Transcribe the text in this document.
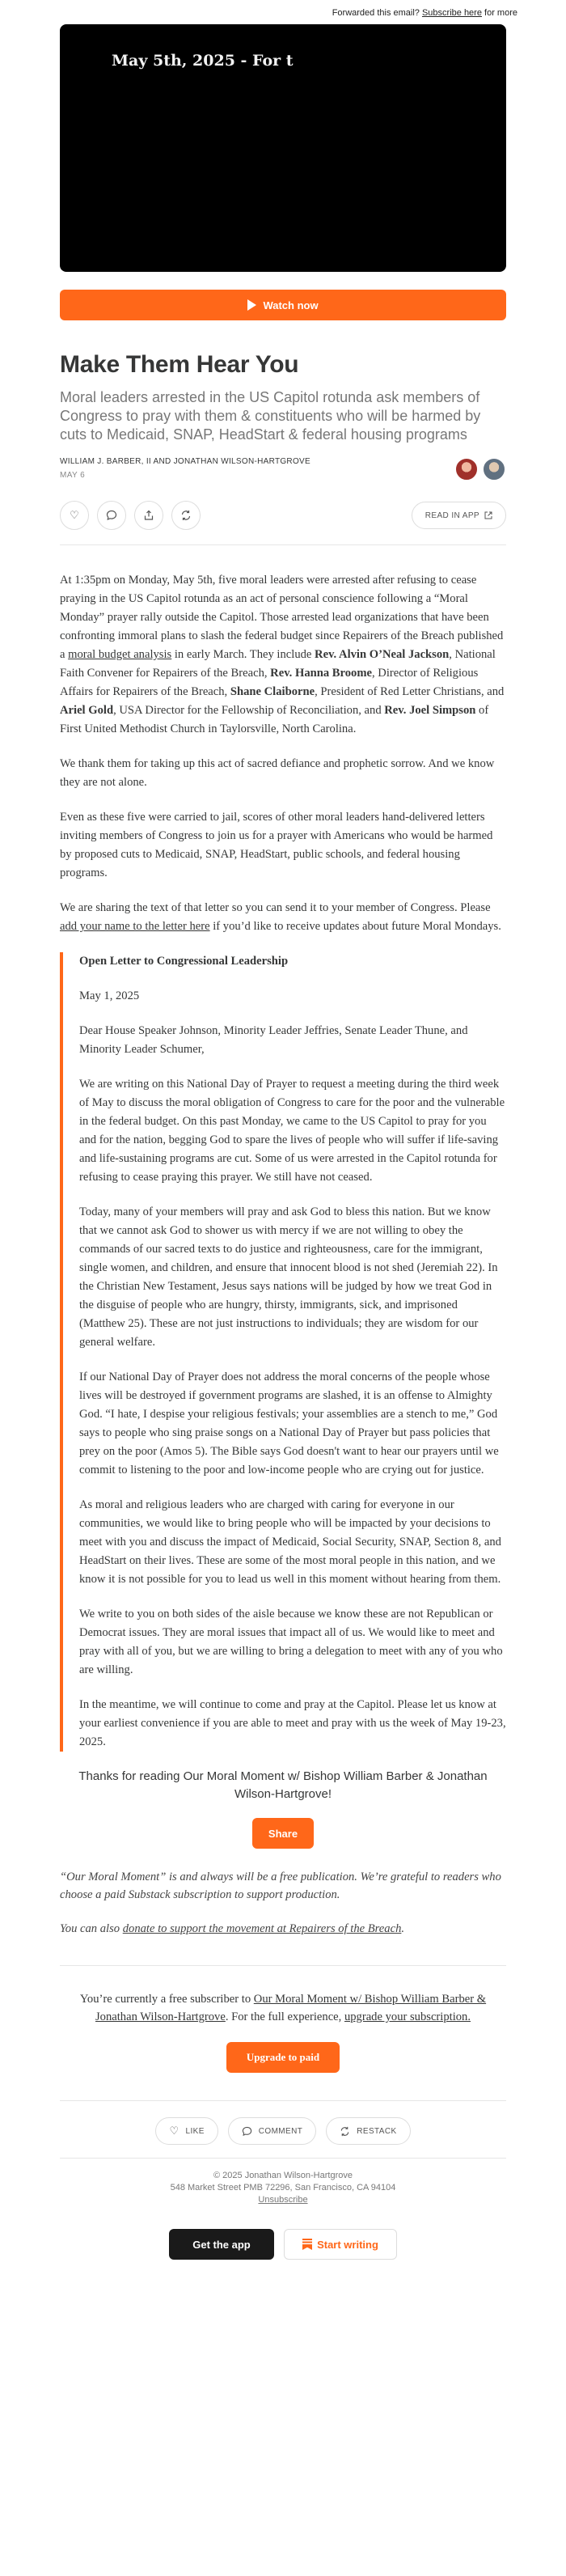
Forwarded this email? Subscribe here for more
May 5th, 2025 - For t
Watch now
Make Them Hear You
Moral leaders arrested in the US Capitol rotunda ask members of Congress to pray with them & constituents who will be harmed by cuts to Medicaid, SNAP, HeadStart & federal housing programs
WILLIAM J. BARBER, II AND JONATHAN WILSON-HARTGROVE
MAY 6
♡	READ IN APP

At 1:35pm on Monday, May 5th, five moral leaders were arrested after refusing to cease praying in the US Capitol rotunda as an act of personal conscience following a “Moral Monday” prayer rally outside the Capitol. Those arrested lead organizations that have been confronting immoral plans to slash the federal budget since Repairers of the Breach published a moral budget analysis in early March. They include Rev. Alvin O’Neal Jackson, National Faith Convener for Repairers of the Breach, Rev. Hanna Broome, Director of Religious Affairs for Repairers of the Breach, Shane Claiborne, President of Red Letter Christians, and Ariel Gold, USA Director for the Fellowship of Reconciliation, and Rev. Joel Simpson of First United Methodist Church in Taylorsville, North Carolina.

We thank them for taking up this act of sacred defiance and prophetic sorrow. And we know they are not alone.

Even as these five were carried to jail, scores of other moral leaders hand-delivered letters inviting members of Congress to join us for a prayer with Americans who would be harmed by proposed cuts to Medicaid, SNAP, HeadStart, public schools, and federal housing programs.

We are sharing the text of that letter so you can send it to your member of Congress. Please add your name to the letter here if you’d like to receive updates about future Moral Mondays.

Open Letter to Congressional Leadership

May 1, 2025

Dear House Speaker Johnson, Minority Leader Jeffries, Senate Leader Thune, and Minority Leader Schumer,

We are writing on this National Day of Prayer to request a meeting during the third week of May to discuss the moral obligation of Congress to care for the poor and the vulnerable in the federal budget. On this past Monday, we came to the US Capitol to pray for you and for the nation, begging God to spare the lives of people who will suffer if life-saving and life-sustaining programs are cut. Some of us were arrested in the Capitol rotunda for refusing to cease praying this prayer. We still have not ceased.

Today, many of your members will pray and ask God to bless this nation. But we know that we cannot ask God to shower us with mercy if we are not willing to obey the commands of our sacred texts to do justice and righteousness, care for the immigrant, single women, and children, and ensure that innocent blood is not shed (Jeremiah 22). In the Christian New Testament, Jesus says nations will be judged by how we treat God in the disguise of people who are hungry, thirsty, immigrants, sick, and imprisoned (Matthew 25). These are not just instructions to individuals; they are wisdom for our general welfare.

If our National Day of Prayer does not address the moral concerns of the people whose lives will be destroyed if government programs are slashed, it is an offense to Almighty God. “I hate, I despise your religious festivals; your assemblies are a stench to me,” God says to people who sing praise songs on a National Day of Prayer but pass policies that prey on the poor (Amos 5). The Bible says God doesn't want to hear our prayers until we commit to listening to the poor and low-income people who are crying out for justice.

As moral and religious leaders who are charged with caring for everyone in our communities, we would like to bring people who will be impacted by your decisions to meet with you and discuss the impact of Medicaid, Social Security, SNAP, Section 8, and HeadStart on their lives. These are some of the most moral people in this nation, and we know it is not possible for you to lead us well in this moment without hearing from them.

We write to you on both sides of the aisle because we know these are not Republican or Democrat issues. They are moral issues that impact all of us. We would like to meet and pray with all of you, but we are willing to bring a delegation to meet with any of you who are willing.

In the meantime, we will continue to come and pray at the Capitol. Please let us know at your earliest convenience if you are able to meet and pray with us the week of May 19-23, 2025.

Thanks for reading Our Moral Moment w/ Bishop William Barber & Jonathan Wilson-Hartgrove!
Share

“Our Moral Moment” is and always will be a free publication. We’re grateful to readers who choose a paid Substack subscription to support production.

You can also donate to support the movement at Repairers of the Breach.

You’re currently a free subscriber to Our Moral Moment w/ Bishop William Barber & Jonathan Wilson-Hartgrove. For the full experience, upgrade your subscription.

Upgrade to paid
♡ LIKE	COMMENT	RESTACK
© 2025 Jonathan Wilson-Hartgrove
548 Market Street PMB 72296, San Francisco, CA 94104
Unsubscribe
Get the app	Start writing
